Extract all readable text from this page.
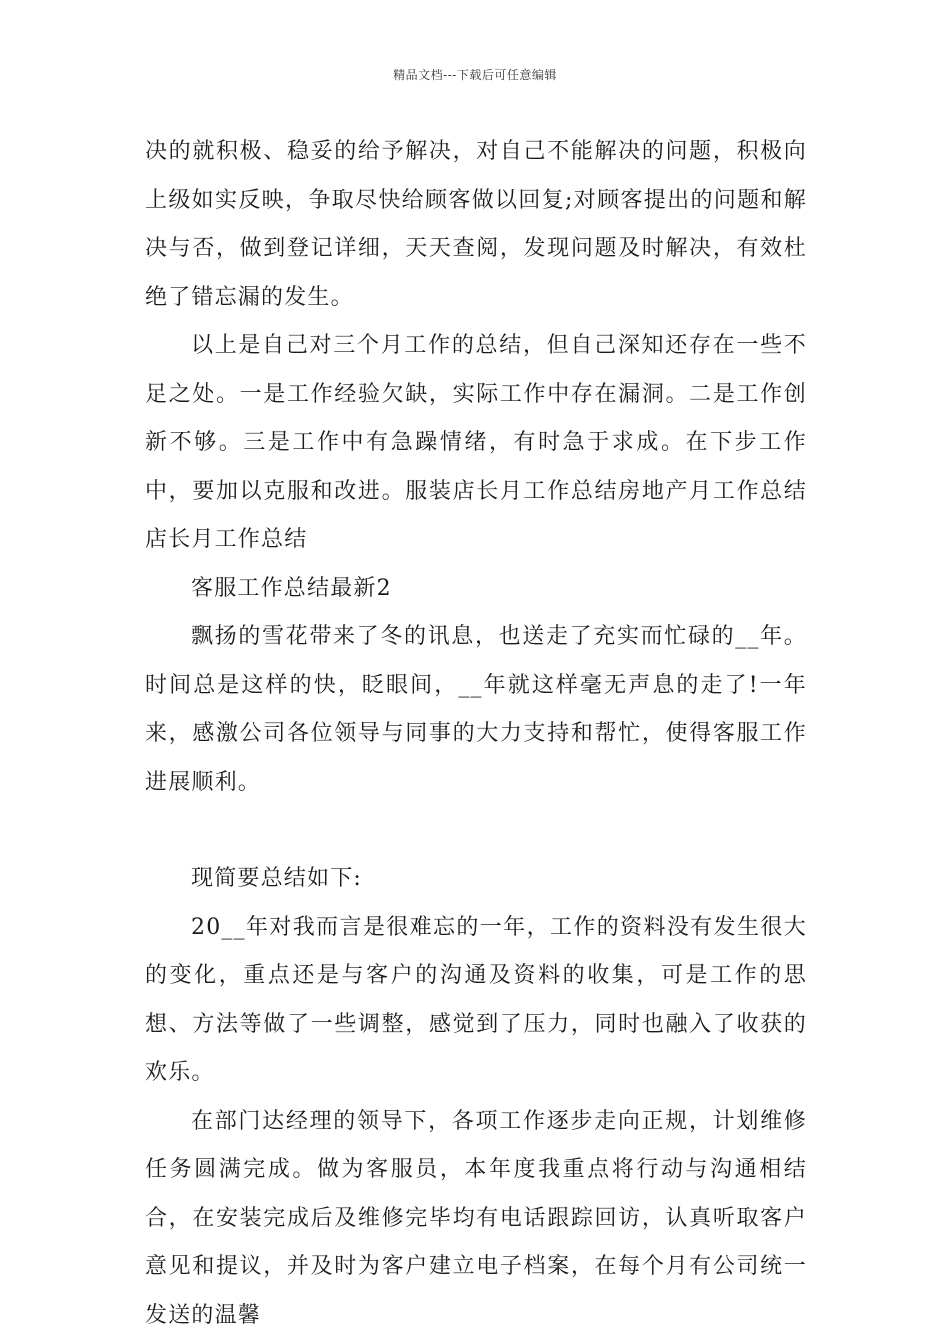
精品文档---下载后可任意编辑

决的就积极、稳妥的给予解决，对自己不能解决的问题，积极向上级如实反映，争取尽快给顾客做以回复;对顾客提出的问题和解决与否，做到登记详细，天天查阅，发现问题及时解决，有效杜绝了错忘漏的发生。

以上是自己对三个月工作的总结，但自己深知还存在一些不足之处。一是工作经验欠缺，实际工作中存在漏洞。二是工作创新不够。三是工作中有急躁情绪，有时急于求成。在下步工作中，要加以克服和改进。服装店长月工作总结房地产月工作总结店长月工作总结

客服工作总结最新2

飘扬的雪花带来了冬的讯息，也送走了充实而忙碌的__年。时间总是这样的快，眨眼间，__年就这样毫无声息的走了!一年来，感激公司各位领导与同事的大力支持和帮忙，使得客服工作进展顺利。

现简要总结如下:

20__年对我而言是很难忘的一年，工作的资料没有发生很大的变化，重点还是与客户的沟通及资料的收集，可是工作的思想、方法等做了一些调整，感觉到了压力，同时也融入了收获的欢乐。

在部门达经理的领导下，各项工作逐步走向正规，计划维修任务圆满完成。做为客服员，本年度我重点将行动与沟通相结合，在安装完成后及维修完毕均有电话跟踪回访，认真听取客户意见和提议，并及时为客户建立电子档案，在每个月有公司统一发送的温馨
